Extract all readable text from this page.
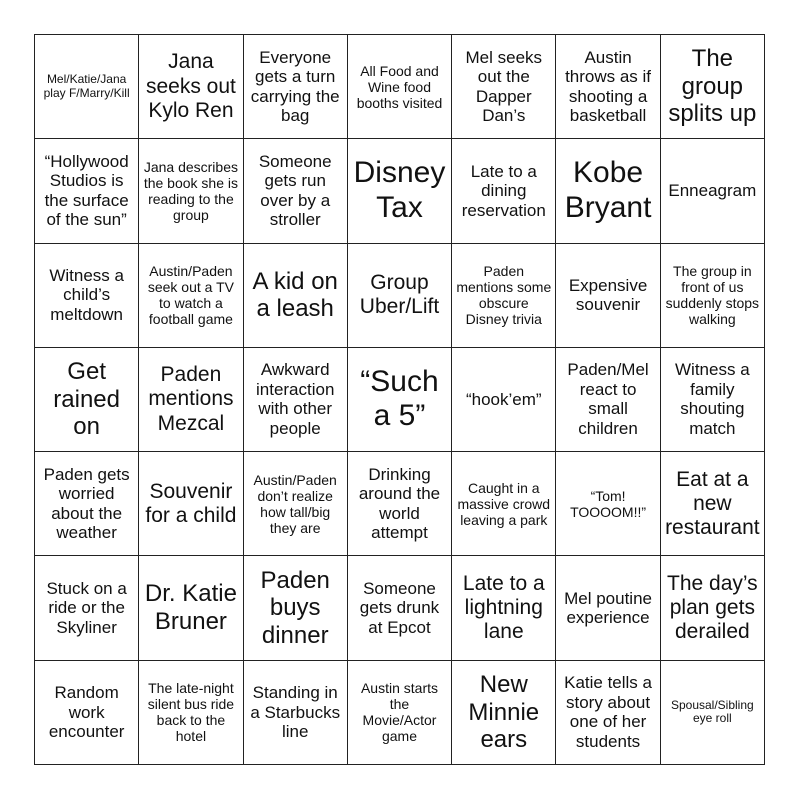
Mel/Katie/Jana play F/Marry/Kill
Jana seeks out Kylo Ren
Everyone gets a turn carrying the bag
All Food and Wine food booths visited
Mel seeks out the Dapper Dan’s
Austin throws as if shooting a basketball
The group splits up
“Hollywood Studios is the surface of the sun”
Jana describes the book she is reading to the group
Someone gets run over by a stroller
Disney Tax
Late to a dining reservation
Kobe Bryant
Enneagram
Witness a child’s meltdown
Austin/Paden seek out a TV to watch a football game
A kid on a leash
Group Uber/Lift
Paden mentions some obscure Disney trivia
Expensive souvenir
The group in front of us suddenly stops walking
Get rained on
Paden mentions Mezcal
Awkward interaction with other people
“Such a 5”
“hook’em”
Paden/Mel react to small children
Witness a family shouting match
Paden gets worried about the weather
Souvenir for a child
Austin/Paden don’t realize how tall/big they are
Drinking around the world attempt
Caught in a massive crowd leaving a park
“Tom! TOOOOM!!”
Eat at a new restaurant
Stuck on a ride or the Skyliner
Dr. Katie Bruner
Paden buys dinner
Someone gets drunk at Epcot
Late to a lightning lane
Mel poutine experience
The day’s plan gets derailed
Random work encounter
The late-night silent bus ride back to the hotel
Standing in a Starbucks line
Austin starts the Movie/Actor game
New Minnie ears
Katie tells a story about one of her students
Spousal/Sibling eye roll
